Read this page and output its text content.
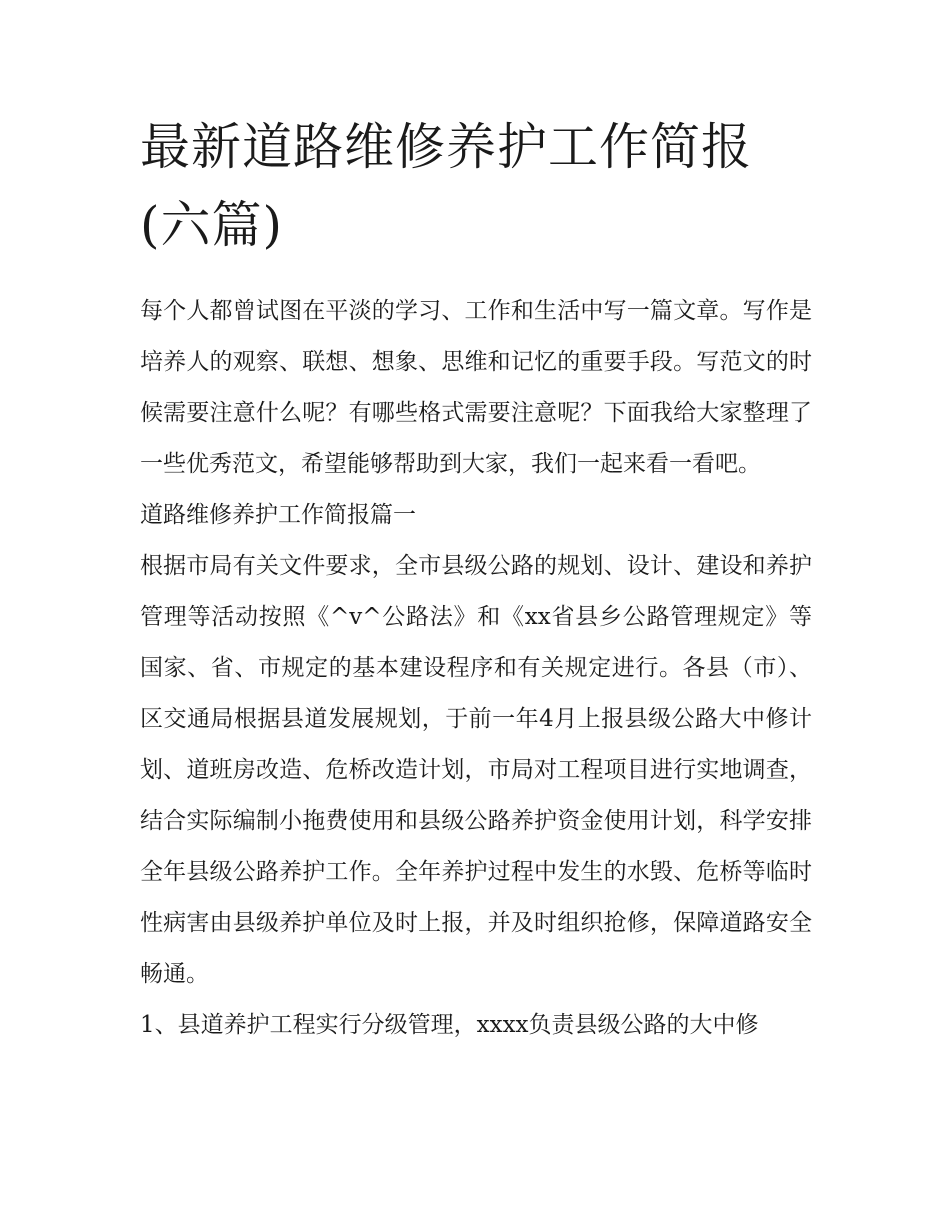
最新道路维修养护工作简报(六篇)

每个人都曾试图在平淡的学习、工作和生活中写一篇文章。写作是培养人的观察、联想、想象、思维和记忆的重要手段。写范文的时候需要注意什么呢？有哪些格式需要注意呢？下面我给大家整理了一些优秀范文，希望能够帮助到大家，我们一起来看一看吧。

道路维修养护工作简报篇一

根据市局有关文件要求，全市县级公路的规划、设计、建设和养护管理等活动按照《^v^公路法》和《xx省县乡公路管理规定》等国家、省、市规定的基本建设程序和有关规定进行。各县（市）、区交通局根据县道发展规划，于前一年4月上报县级公路大中修计划、道班房改造、危桥改造计划，市局对工程项目进行实地调查，结合实际编制小拖费使用和县级公路养护资金使用计划，科学安排全年县级公路养护工作。全年养护过程中发生的水毁、危桥等临时性病害由县级养护单位及时上报，并及时组织抢修，保障道路安全畅通。

1、县道养护工程实行分级管理，xxxx负责县级公路的大中修
